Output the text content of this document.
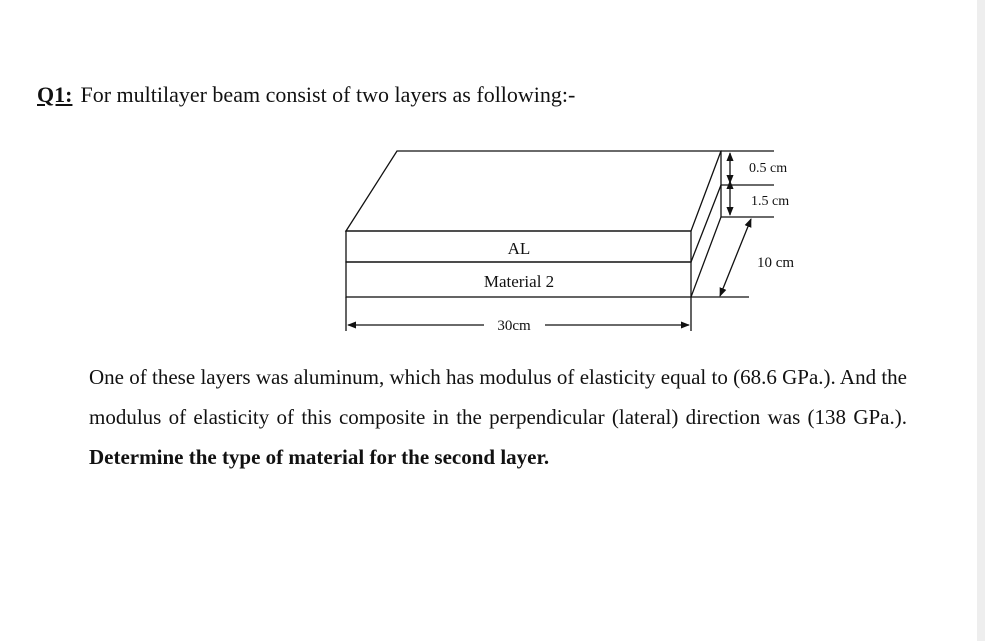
Q1: For multilayer beam consist of two layers as following:-
AL
Material 2
30cm
0.5 cm
1.5 cm
10 cm
One of these layers was aluminum, which has modulus of elasticity equal to (68.6 GPa.). And the modulus of elasticity of this composite in the perpendicular (lateral) direction was (138 GPa.). Determine the type of material for the second layer.
